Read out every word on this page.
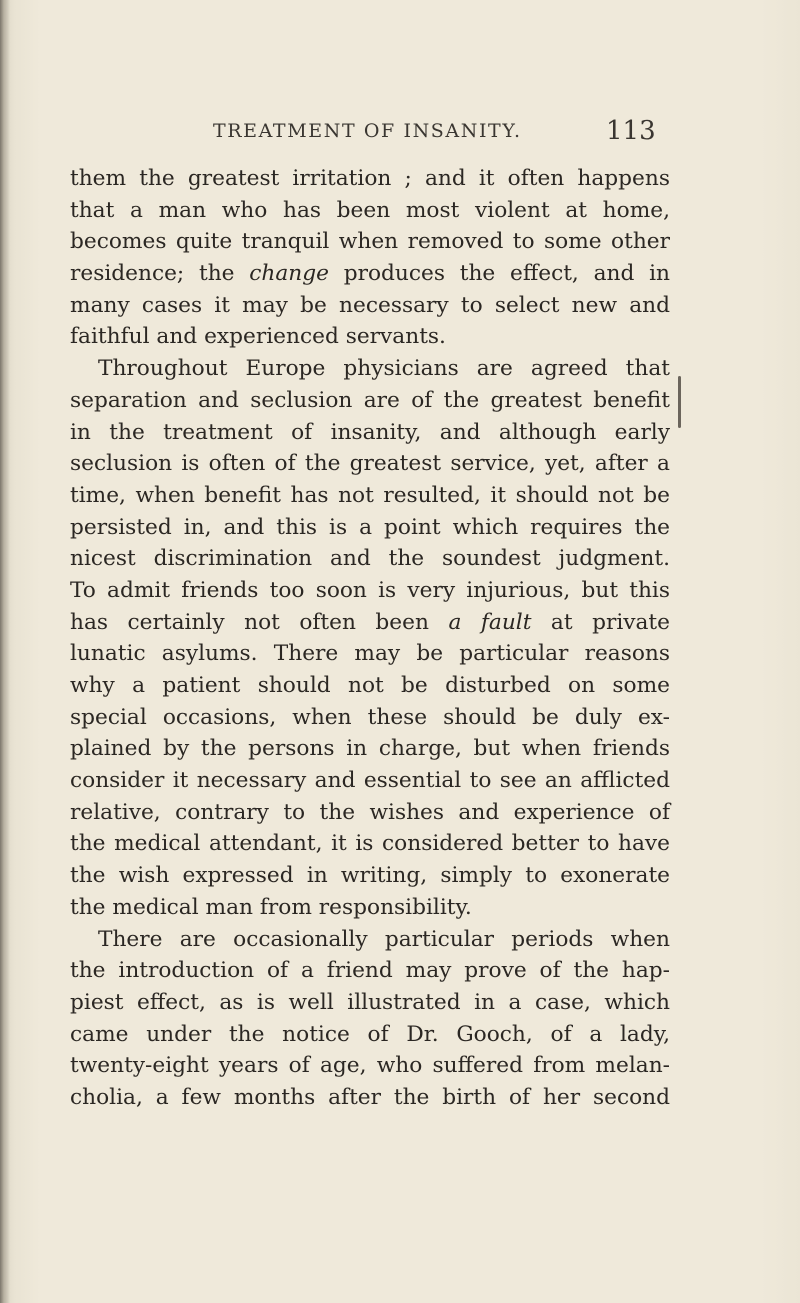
TREATMENT OF INSANITY.	113
them the greatest irritation ; and it often happens
that a man who has been most violent at home,
becomes quite tranquil when removed to some other
residence; the change produces the effect, and in
many cases it may be necessary to select new and
faithful and experienced servants.
Throughout Europe physicians are agreed that
separation and seclusion are of the greatest benefit
in the treatment of insanity, and although early
seclusion is often of the greatest service, yet, after a
time, when benefit has not resulted, it should not be
persisted in, and this is a point which requires the
nicest discrimination and the soundest judgment.
To admit friends too soon is very injurious, but this
has certainly not often been a fault at private
lunatic asylums. There may be particular reasons
why a patient should not be disturbed on some
special occasions, when these should be duly ex-
plained by the persons in charge, but when friends
consider it necessary and essential to see an afflicted
relative, contrary to the wishes and experience of
the medical attendant, it is considered better to have
the wish expressed in writing, simply to exonerate
the medical man from responsibility.
There are occasionally particular periods when
the introduction of a friend may prove of the hap-
piest effect, as is well illustrated in a case, which
came under the notice of Dr. Gooch, of a lady,
twenty-eight years of age, who suffered from melan-
cholia, a few months after the birth of her second
